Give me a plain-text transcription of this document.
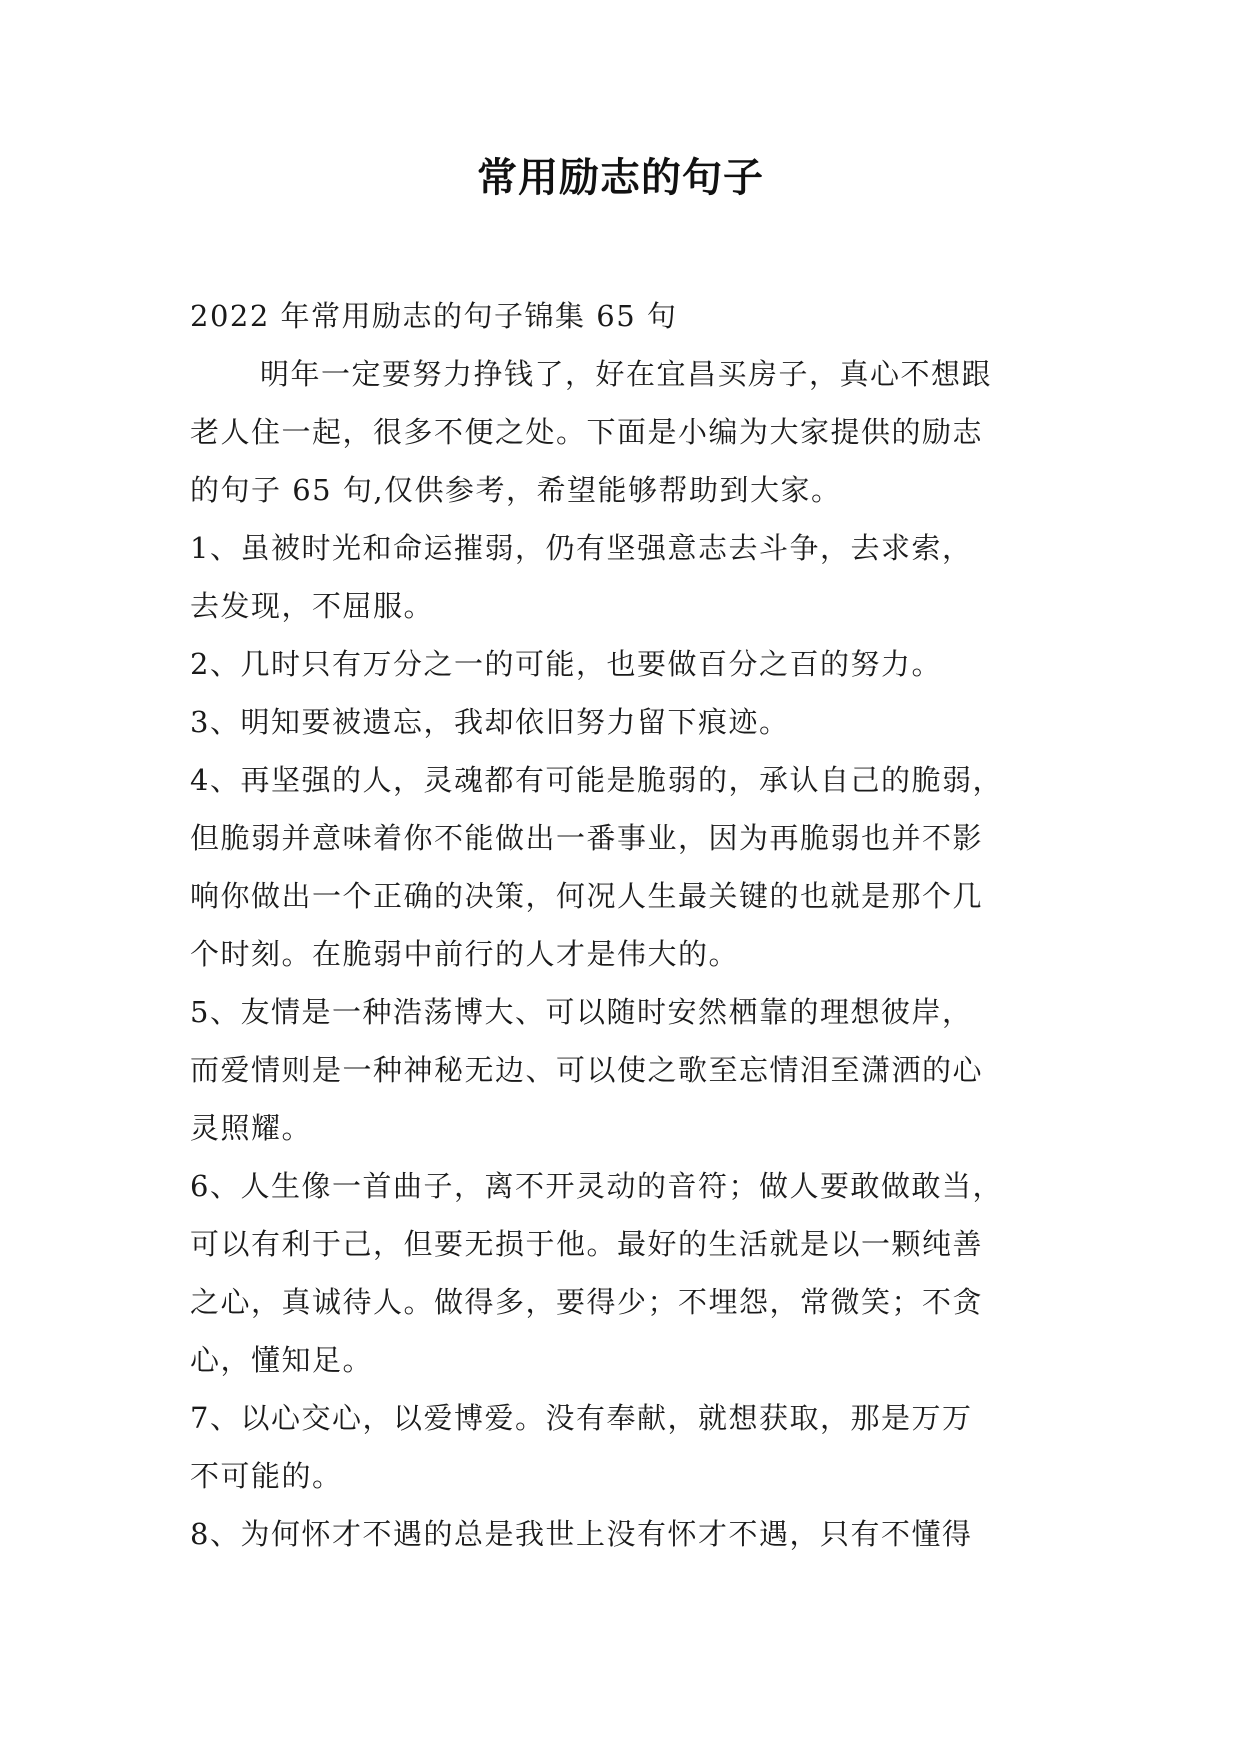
常用励志的句子
2022 年常用励志的句子锦集 65 句
明年一定要努力挣钱了，好在宜昌买房子，真心不想跟
老人住一起，很多不便之处。下面是小编为大家提供的励志
的句子 65 句,仅供参考，希望能够帮助到大家。
1、虽被时光和命运摧弱，仍有坚强意志去斗争，去求索，
去发现，不屈服。
2、几时只有万分之一的可能，也要做百分之百的努力。
3、明知要被遗忘，我却依旧努力留下痕迹。
4、再坚强的人，灵魂都有可能是脆弱的，承认自己的脆弱，
但脆弱并意味着你不能做出一番事业，因为再脆弱也并不影
响你做出一个正确的决策，何况人生最关键的也就是那个几
个时刻。在脆弱中前行的人才是伟大的。
5、友情是一种浩荡博大、可以随时安然栖靠的理想彼岸，
而爱情则是一种神秘无边、可以使之歌至忘情泪至潇洒的心
灵照耀。
6、人生像一首曲子，离不开灵动的音符；做人要敢做敢当，
可以有利于己，但要无损于他。最好的生活就是以一颗纯善
之心，真诚待人。做得多，要得少；不埋怨，常微笑；不贪
心，懂知足。
7、以心交心，以爱博爱。没有奉献，就想获取，那是万万
不可能的。
8、为何怀才不遇的总是我世上没有怀才不遇，只有不懂得
